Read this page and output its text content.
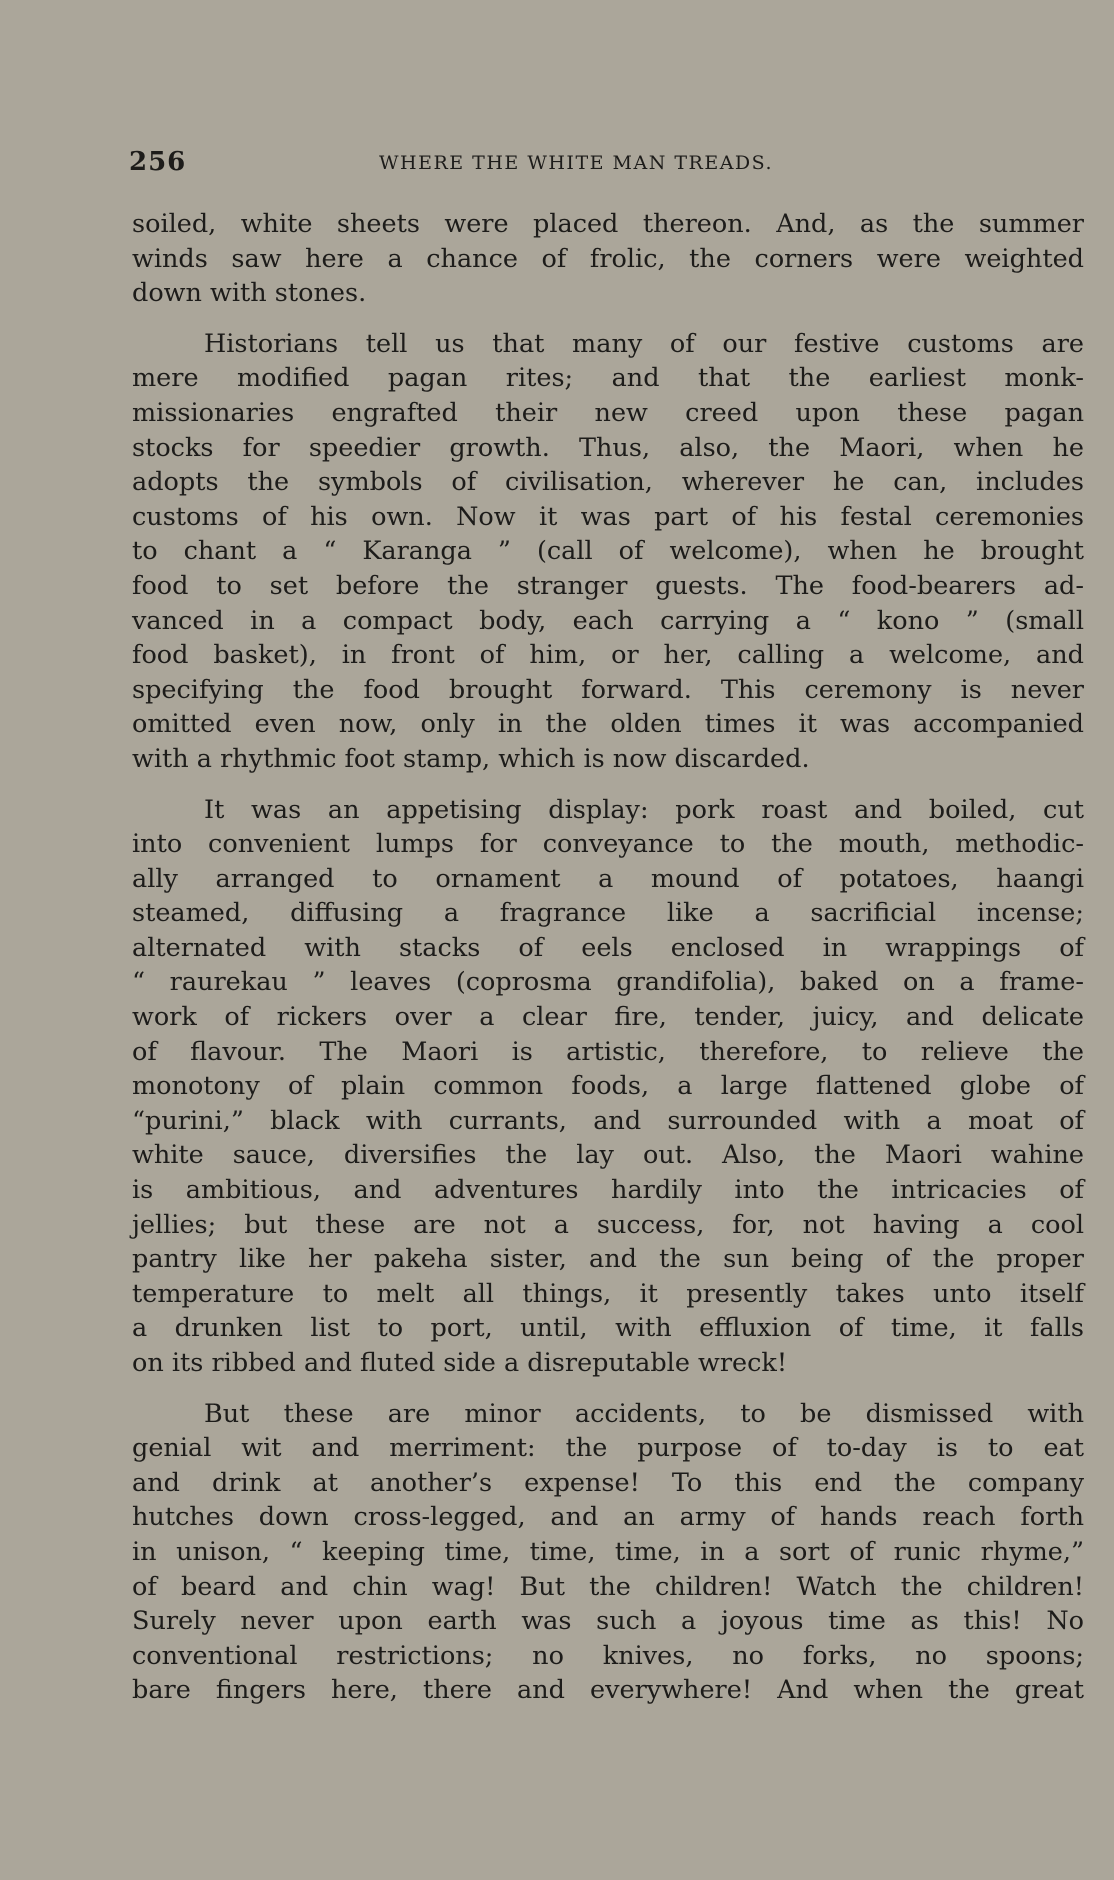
256	WHERE THE WHITE MAN TREADS.

soiled, white sheets were placed thereon. And, as the summer
winds saw here a chance of frolic, the corners were weighted
down with stones.

Historians tell us that many of our festive customs are
mere modified pagan rites; and that the earliest monk-
missionaries engrafted their new creed upon these pagan
stocks for speedier growth. Thus, also, the Maori, when he
adopts the symbols of civilisation, wherever he can, includes
customs of his own. Now it was part of his festal ceremonies
to chant a “ Karanga ” (call of welcome), when he brought
food to set before the stranger guests. The food-bearers ad-
vanced in a compact body, each carrying a “ kono ” (small
food basket), in front of him, or her, calling a welcome, and
specifying the food brought forward. This ceremony is never
omitted even now, only in the olden times it was accompanied
with a rhythmic foot stamp, which is now discarded.

It was an appetising display: pork roast and boiled, cut
into convenient lumps for conveyance to the mouth, methodic-
ally arranged to ornament a mound of potatoes, haangi
steamed, diffusing a fragrance like a sacrificial incense;
alternated with stacks of eels enclosed in wrappings of
“ raurekau ” leaves (coprosma grandifolia), baked on a frame-
work of rickers over a clear fire, tender, juicy, and delicate
of flavour. The Maori is artistic, therefore, to relieve the
monotony of plain common foods, a large flattened globe of
“purini,” black with currants, and surrounded with a moat of
white sauce, diversifies the lay out. Also, the Maori wahine
is ambitious, and adventures hardily into the intricacies of
jellies; but these are not a success, for, not having a cool
pantry like her pakeha sister, and the sun being of the proper
temperature to melt all things, it presently takes unto itself
a drunken list to port, until, with effluxion of time, it falls
on its ribbed and fluted side a disreputable wreck!

But these are minor accidents, to be dismissed with
genial wit and merriment: the purpose of to-day is to eat
and drink at another’s expense! To this end the company
hutches down cross-legged, and an army of hands reach forth
in unison, “ keeping time, time, time, in a sort of runic rhyme,”
of beard and chin wag! But the children! Watch the children!
Surely never upon earth was such a joyous time as this! No
conventional restrictions; no knives, no forks, no spoons;
bare fingers here, there and everywhere! And when the great
